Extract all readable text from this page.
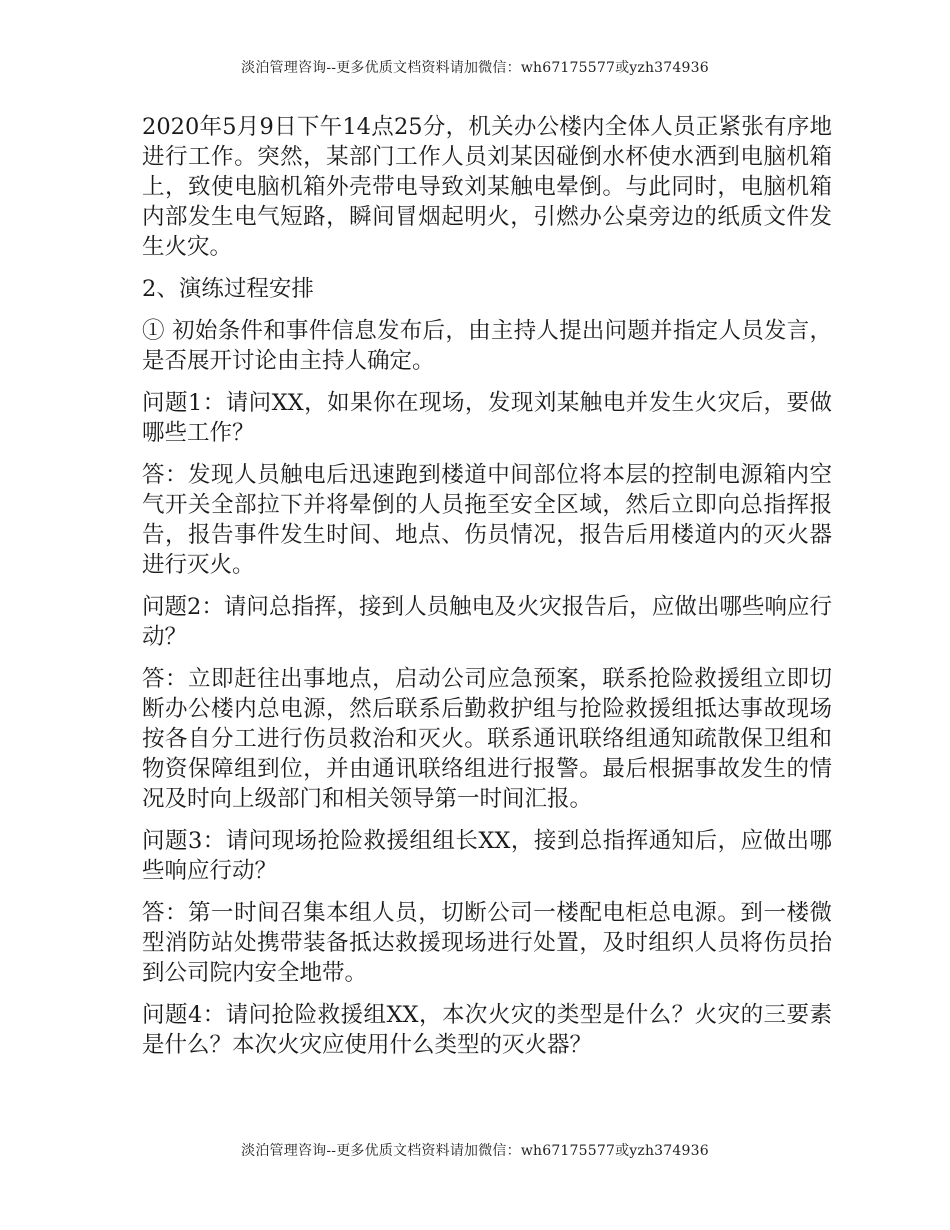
淡泊管理咨询--更多优质文档资料请加微信：wh67175577或yzh374936

2020年5月9日下午14点25分，机关办公楼内全体人员正紧张有序地进行工作。突然，某部门工作人员刘某因碰倒水杯使水洒到电脑机箱上，致使电脑机箱外壳带电导致刘某触电晕倒。与此同时，电脑机箱内部发生电气短路，瞬间冒烟起明火，引燃办公桌旁边的纸质文件发生火灾。

2、演练过程安排

① 初始条件和事件信息发布后，由主持人提出问题并指定人员发言，是否展开讨论由主持人确定。

问题1：请问XX，如果你在现场，发现刘某触电并发生火灾后，要做哪些工作？

答：发现人员触电后迅速跑到楼道中间部位将本层的控制电源箱内空气开关全部拉下并将晕倒的人员拖至安全区域，然后立即向总指挥报告，报告事件发生时间、地点、伤员情况，报告后用楼道内的灭火器进行灭火。

问题2：请问总指挥，接到人员触电及火灾报告后，应做出哪些响应行动？

答：立即赶往出事地点，启动公司应急预案，联系抢险救援组立即切断办公楼内总电源，然后联系后勤救护组与抢险救援组抵达事故现场按各自分工进行伤员救治和灭火。联系通讯联络组通知疏散保卫组和物资保障组到位，并由通讯联络组进行报警。最后根据事故发生的情况及时向上级部门和相关领导第一时间汇报。

问题3：请问现场抢险救援组组长XX，接到总指挥通知后，应做出哪些响应行动？

答：第一时间召集本组人员，切断公司一楼配电柜总电源。到一楼微型消防站处携带装备抵达救援现场进行处置，及时组织人员将伤员抬到公司院内安全地带。

问题4：请问抢险救援组XX，本次火灾的类型是什么？火灾的三要素是什么？本次火灾应使用什么类型的灭火器？

淡泊管理咨询--更多优质文档资料请加微信：wh67175577或yzh374936
